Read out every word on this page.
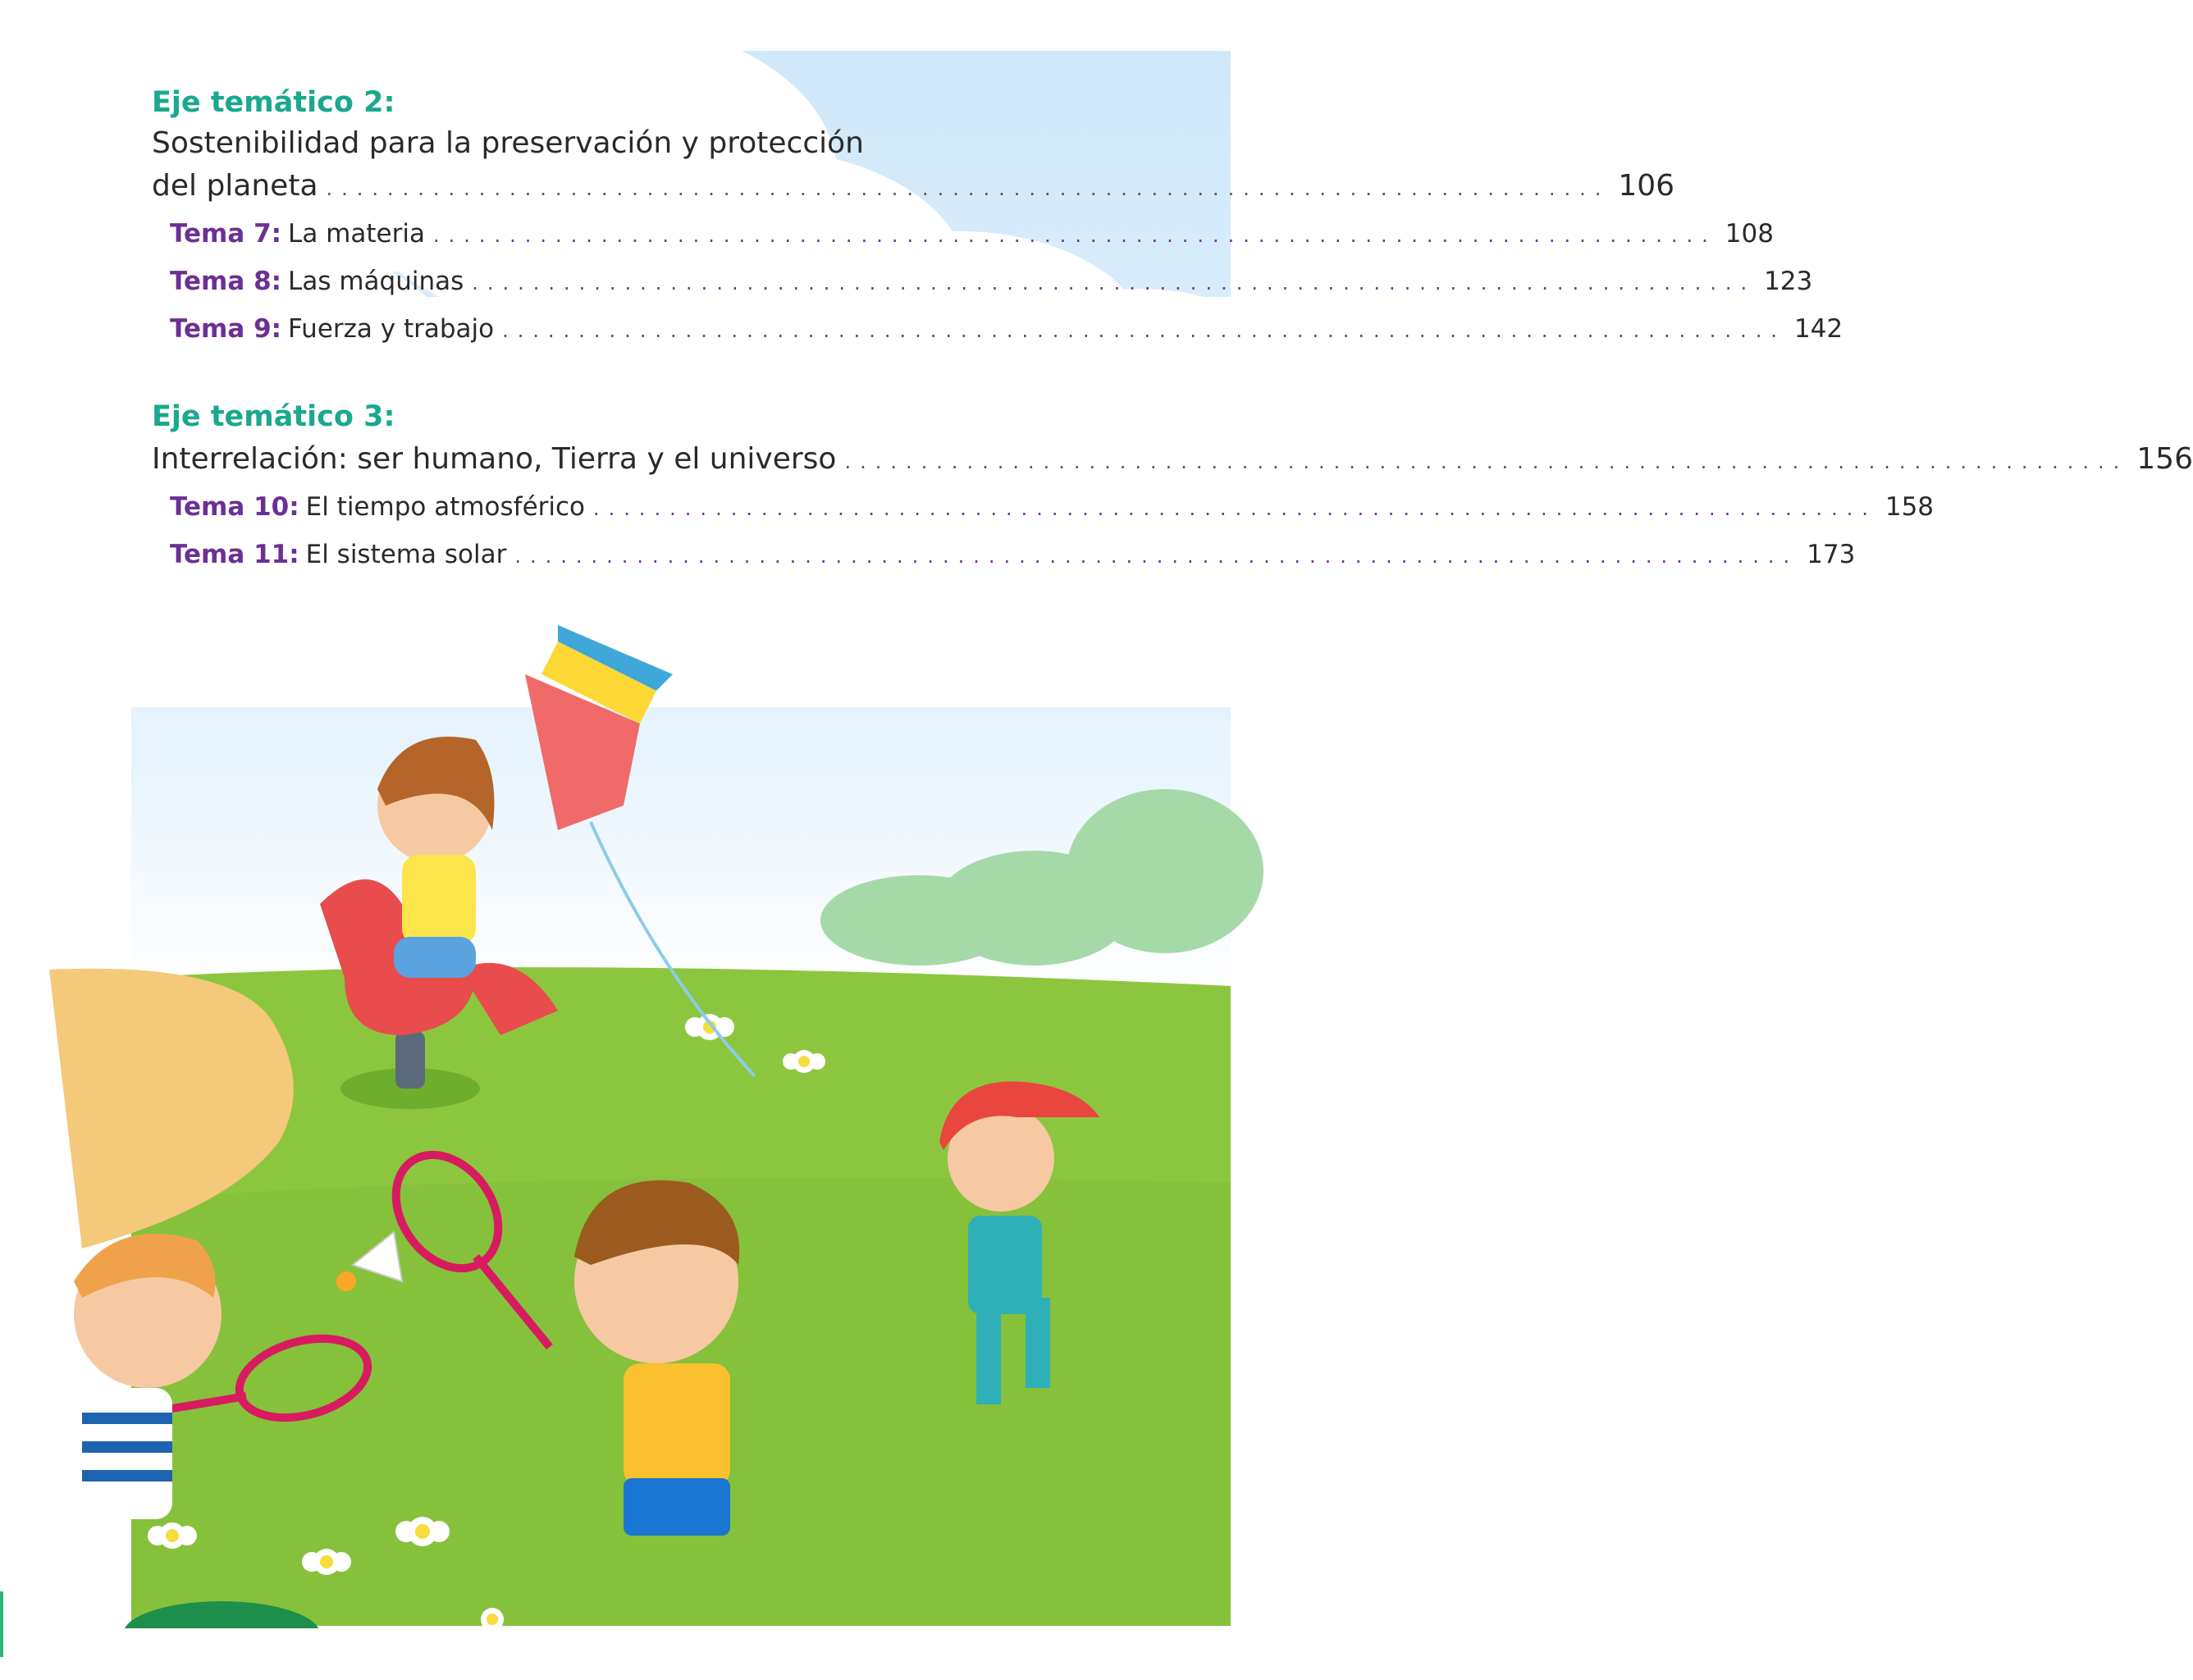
Eje temático 2:
Sostenibilidad para la preservación y protección
del planeta .................................................................................... 106
Tema 7: La materia .................................................................................... 108
Tema 8: Las máquinas .................................................................................... 123
Tema 9: Fuerza y trabajo .................................................................................... 142
Eje temático 3:
Interrelación: ser humano, Tierra y el universo .................................................................................... 156
Tema 10: El tiempo atmosférico .................................................................................... 158
Tema 11: El sistema solar .................................................................................... 173
